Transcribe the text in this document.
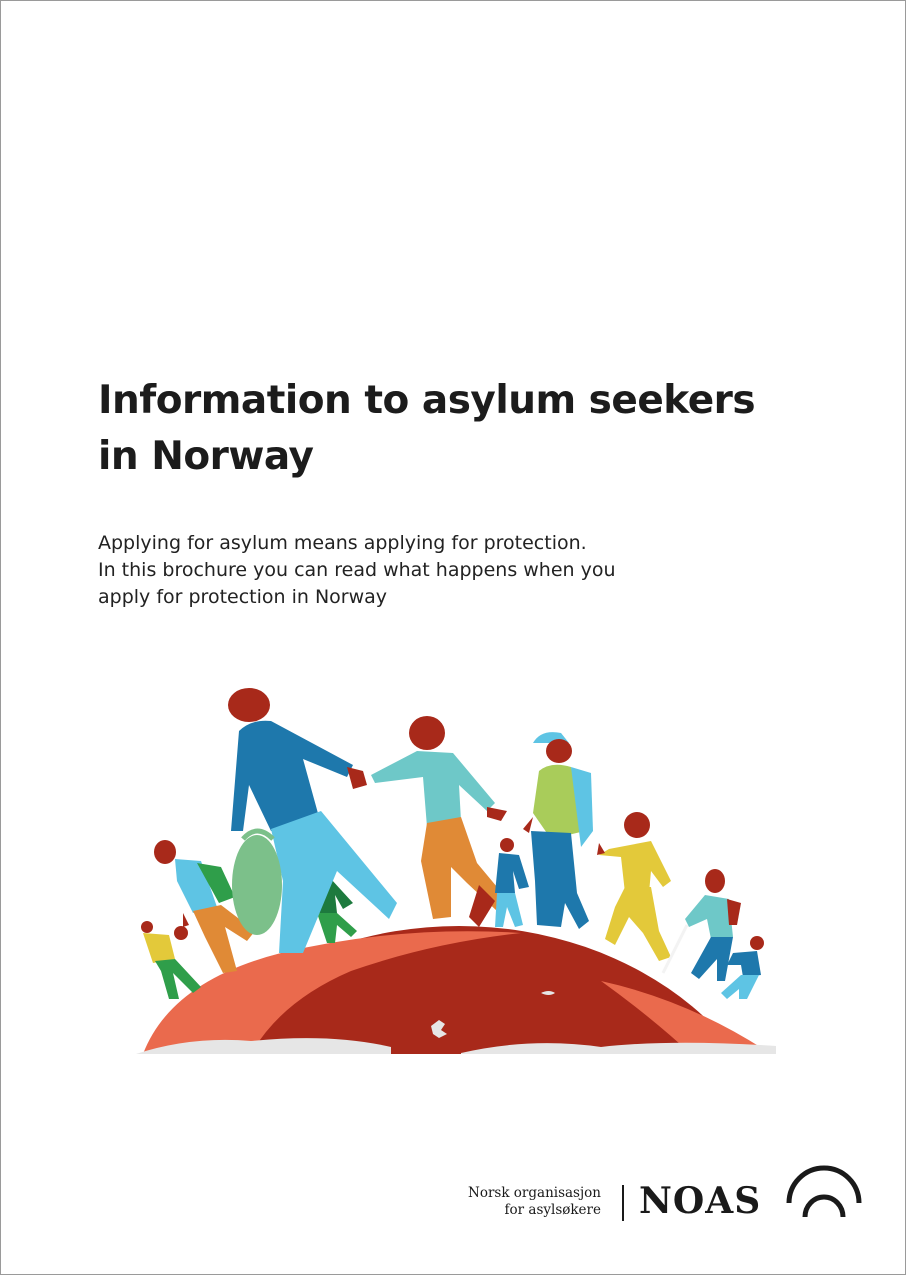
Information to asylum seekers
in Norway

Applying for asylum means applying for protection.
In this brochure you can read what happens when you
apply for protection in Norway

Norsk organisasjon
for asylsøkere NOAS
